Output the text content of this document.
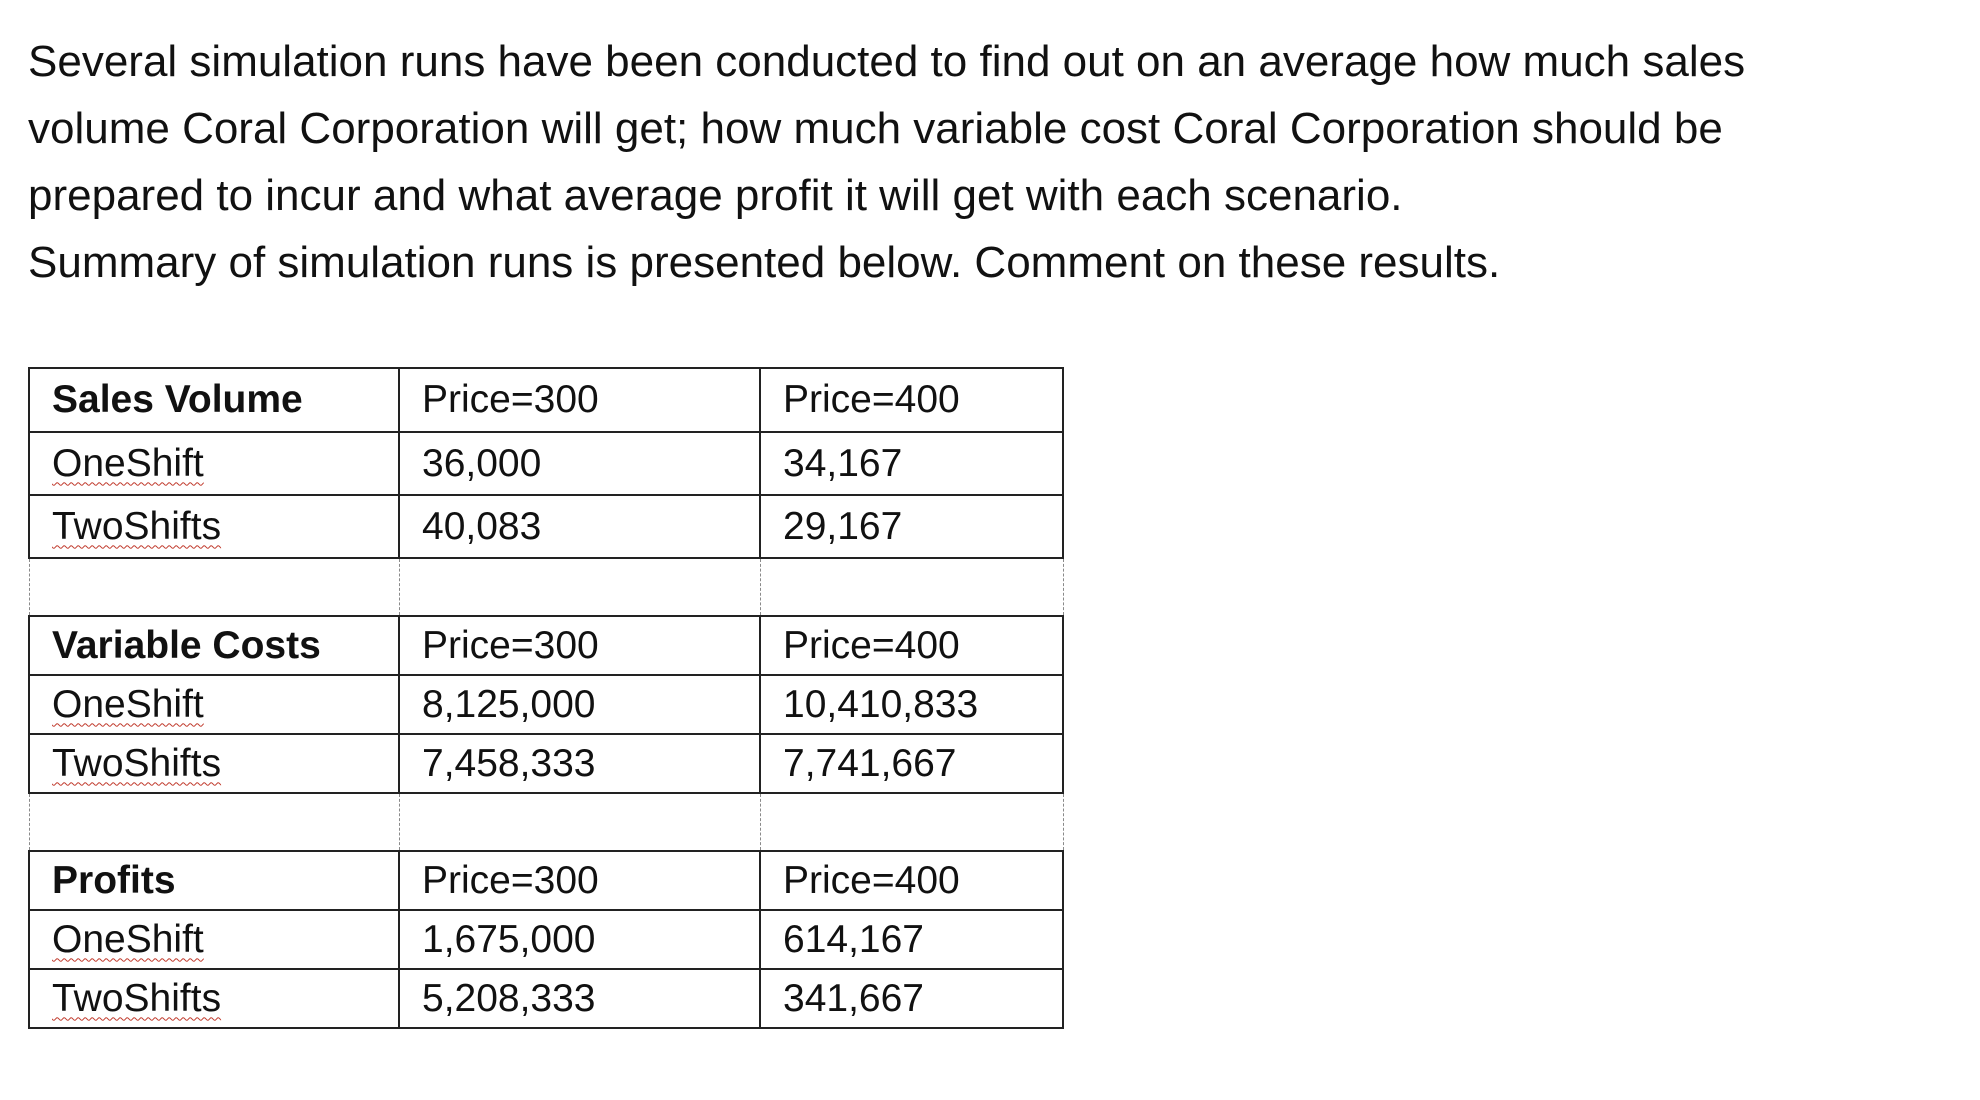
Several simulation runs have been conducted to find out on an average how much sales

volume Coral Corporation will get; how much variable cost Coral Corporation should be

prepared to incur and what average profit it will get with each scenario.

Summary of simulation runs is presented below. Comment on these results.

Sales Volume	Price=300	Price=400
OneShift	36,000	34,167
TwoShifts	40,083	29,167

Variable Costs	Price=300	Price=400
OneShift	8,125,000	10,410,833
TwoShifts	7,458,333	7,741,667

Profits	Price=300	Price=400
OneShift	1,675,000	614,167
TwoShifts	5,208,333	341,667
